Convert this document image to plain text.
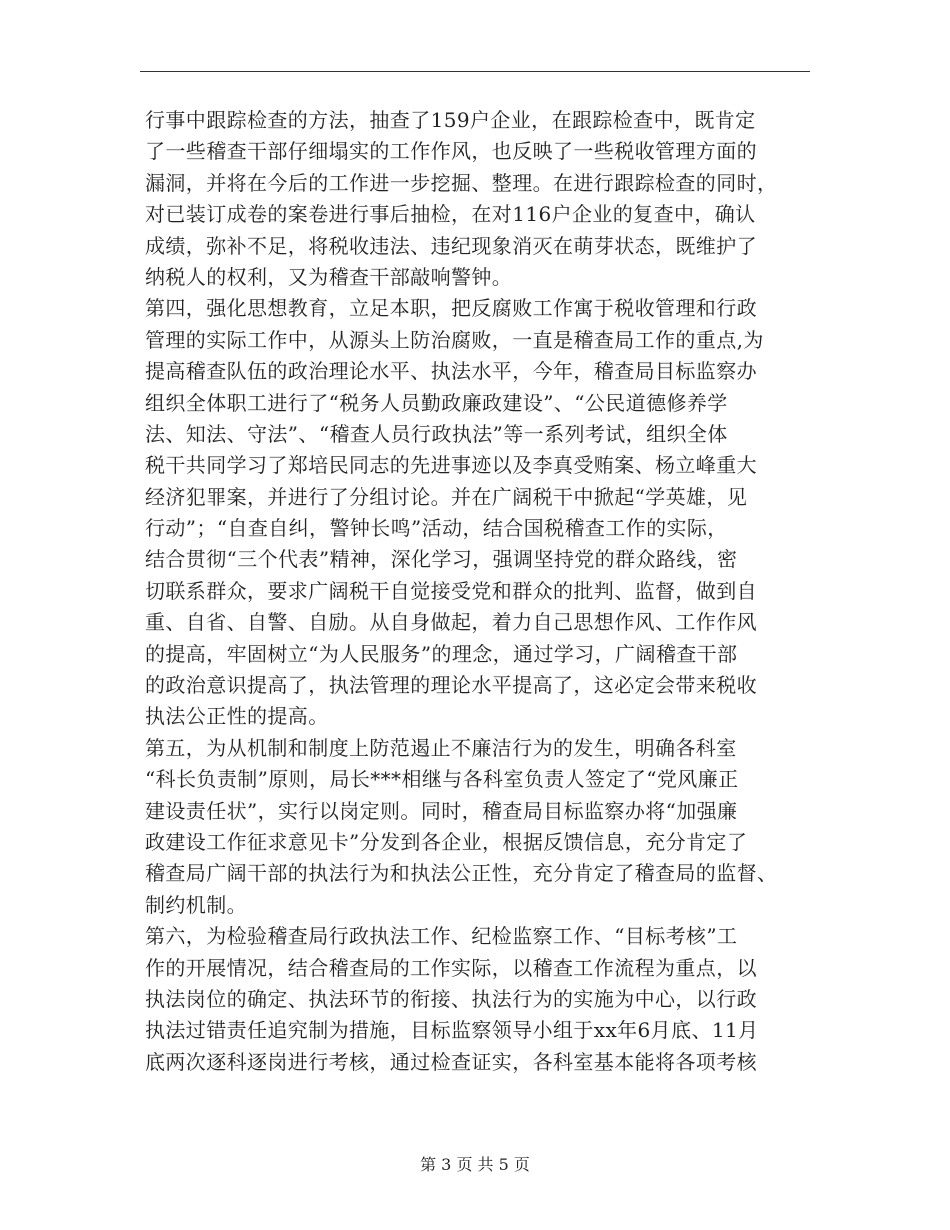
行事中跟踪检查的方法，抽查了159户企业，在跟踪检查中，既肯定
了一些稽查干部仔细塌实的工作作风，也反映了一些税收管理方面的
漏洞，并将在今后的工作进一步挖掘、整理。在进行跟踪检查的同时，
对已装订成卷的案卷进行事后抽检，在对116户企业的复查中，确认
成绩，弥补不足，将税收违法、违纪现象消灭在萌芽状态，既维护了
纳税人的权利，又为稽查干部敲响警钟。
第四，强化思想教育，立足本职，把反腐败工作寓于税收管理和行政
管理的实际工作中，从源头上防治腐败，一直是稽查局工作的重点,为
提高稽查队伍的政治理论水平、执法水平，今年，稽查局目标监察办
组织全体职工进行了“税务人员勤政廉政建设”、“公民道德修养学
法、知法、守法”、“稽查人员行政执法”等一系列考试，组织全体
税干共同学习了郑培民同志的先进事迹以及李真受贿案、杨立峰重大
经济犯罪案，并进行了分组讨论。并在广阔税干中掀起“学英雄，见
行动”；“自查自纠，警钟长鸣”活动，结合国税稽查工作的实际，
结合贯彻“三个代表”精神，深化学习，强调坚持党的群众路线，密
切联系群众，要求广阔税干自觉接受党和群众的批判、监督，做到自
重、自省、自警、自励。从自身做起，着力自己思想作风、工作作风
的提高，牢固树立“为人民服务”的理念，通过学习，广阔稽查干部
的政治意识提高了，执法管理的理论水平提高了，这必定会带来税收
执法公正性的提高。
第五，为从机制和制度上防范遏止不廉洁行为的发生，明确各科室
“科长负责制”原则，局长***相继与各科室负责人签定了“党风廉正
建设责任状”，实行以岗定则。同时，稽查局目标监察办将“加强廉
政建设工作征求意见卡”分发到各企业，根据反馈信息，充分肯定了
稽查局广阔干部的执法行为和执法公正性，充分肯定了稽查局的监督、
制约机制。
第六，为检验稽查局行政执法工作、纪检监察工作、“目标考核”工
作的开展情况，结合稽查局的工作实际，以稽查工作流程为重点，以
执法岗位的确定、执法环节的衔接、执法行为的实施为中心，以行政
执法过错责任追究制为措施，目标监察领导小组于xx年6月底、11月
底两次逐科逐岗进行考核，通过检查证实，各科室基本能将各项考核
第 3 页 共 5 页
